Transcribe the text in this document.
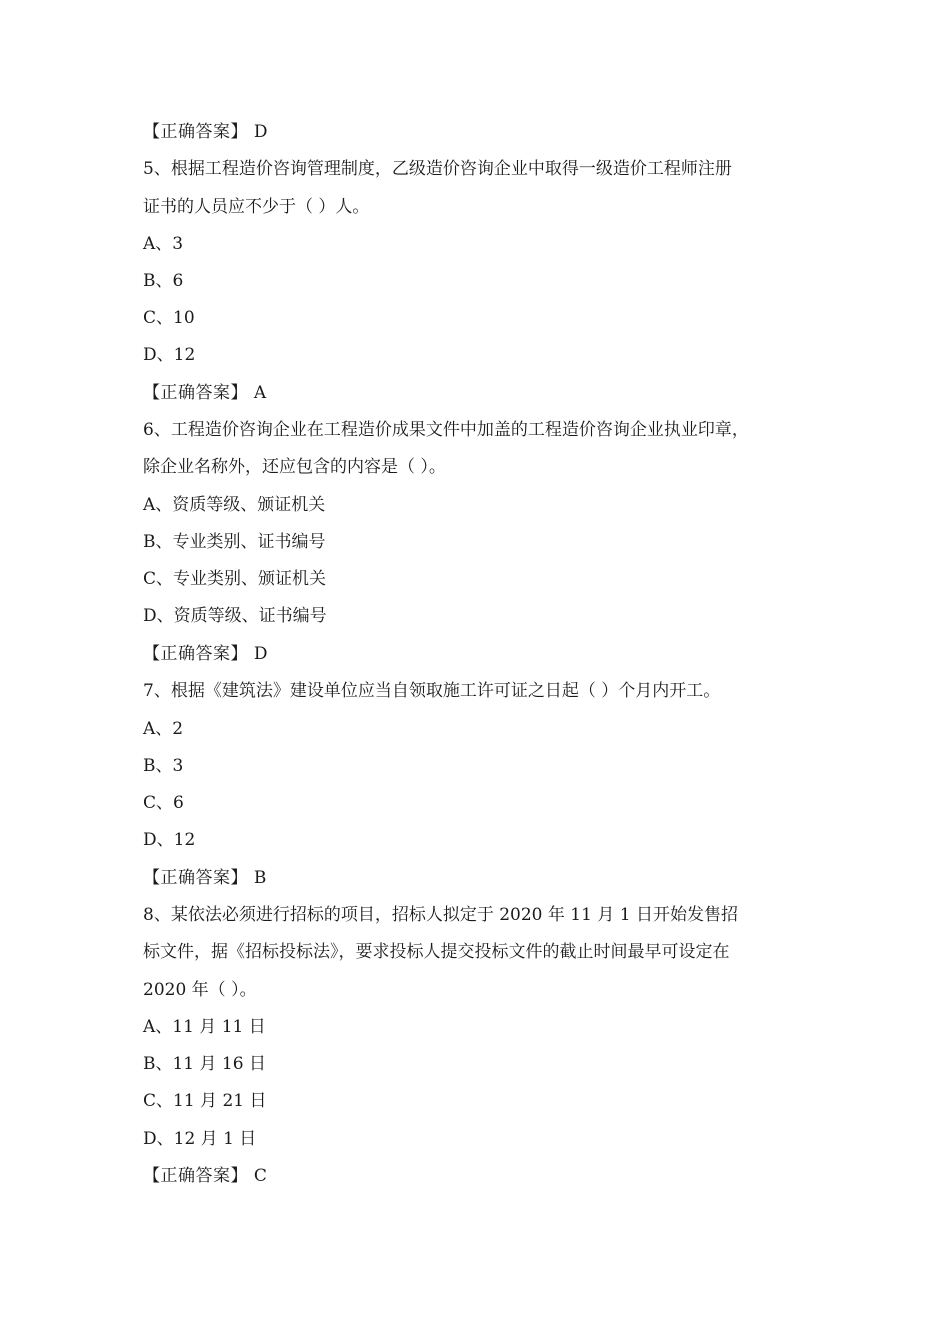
【正确答案】 D
5、根据工程造价咨询管理制度，乙级造价咨询企业中取得一级造价工程师注册
证书的人员应不少于（ ）人。
A、3
B、6
C、10
D、12
【正确答案】 A
6、工程造价咨询企业在工程造价成果文件中加盖的工程造价咨询企业执业印章，
除企业名称外，还应包含的内容是（ ）。
A、资质等级、颁证机关
B、专业类别、证书编号
C、专业类别、颁证机关
D、资质等级、证书编号
【正确答案】 D
7、根据《建筑法》建设单位应当自领取施工许可证之日起（ ）个月内开工。
A、2
B、3
C、6
D、12
【正确答案】 B
8、某依法必须进行招标的项目，招标人拟定于 2020 年 11 月 1 日开始发售招
标文件，据《招标投标法》，要求投标人提交投标文件的截止时间最早可设定在
2020 年（ ）。
A、11 月 11 日
B、11 月 16 日
C、11 月 21 日
D、12 月 1 日
【正确答案】 C
